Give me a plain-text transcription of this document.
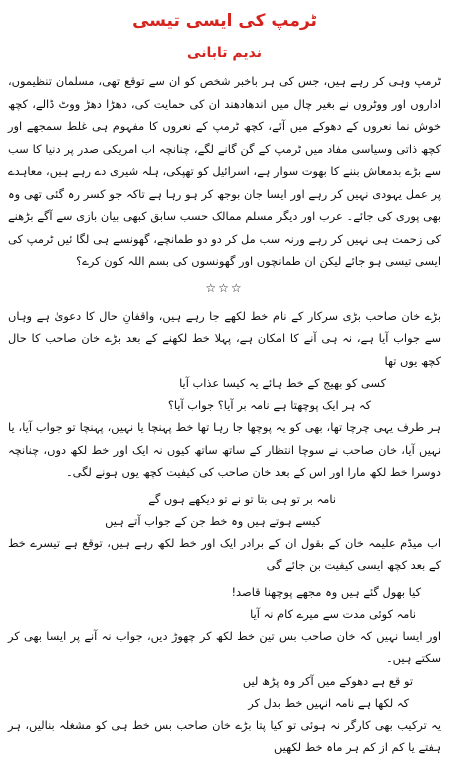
ٹرمپ کی ایسی تیسی
ندیم تابانی

ٹرمپ وہی کر رہے ہیں، جس کی ہر باخبر شخص کو ان سے توقع تھی، مسلمان تنظیموں، اداروں اور ووٹروں نے بغیر چال میں اندھادھند ان کی حمایت کی، دھڑا دھڑ ووٹ ڈالے، کچھ خوش نما نعروں کے دھوکے میں آئے، کچھ ٹرمپ کے نعروں کا مفہوم ہی غلط سمجھے اور کچھ ذاتی وسیاسی مفاد میں ٹرمپ کے گن گانے لگے، چنانچہ اب امریکی صدر پر دنیا کا سب سے بڑے بدمعاش بننے کا بھوت سوار ہے، اسرائیل کو تھپکی، ہلہ شیری دے رہے ہیں، معاہدے پر عمل یہودی نہیں کر رہے اور ایسا جان بوجھ کر ہو رہا ہے تاکہ جو کسر رہ گئی تھی وہ بھی پوری کی جائے۔ عرب اور دیگر مسلم ممالک حسب سابق کبھی بیان بازی سے آگے بڑھنے کی زحمت ہی نہیں کر رہے ورنہ سب مل کر دو دو طمانچے، گھونسے ہی لگا ئیں ٹرمپ کی ایسی تیسی ہو جائے لیکن ان طمانچوں اور گھونسوں کی بسم اللہ کون کرے؟

☆☆☆

بڑے خان صاحب بڑی سرکار کے نام خط لکھے جا رہے ہیں، واقفانِ حال کا دعویٰ ہے وہاں سے جواب آیا ہے، نہ ہی آنے کا امکان ہے، پہلا خط لکھنے کے بعد بڑے خان صاحب کا حال کچھ یوں تھا

کسی کو بھیج کے خط ہائے یہ کیسا عذاب آیا

کہ ہر ایک پوچھتا ہے نامہ بر آیا؟ جواب آیا؟

ہر طرف یہی چرچا تھا، بھی کو یہ پوچھا جا رہا تھا خط پہنچا یا نہیں، پہنچا تو جواب آیا، یا نہیں آیا، خان صاحب نے سوچا انتظار کے ساتھ ساتھ کیوں نہ ایک اور خط لکھ دوں، چنانچہ دوسرا خط لکھ مارا اور اس کے بعد خان صاحب کی کیفیت کچھ یوں ہونے لگی۔

نامہ بر تو ہی بتا تو نے تو دیکھے ہوں گے

کیسے ہوتے ہیں وہ خط جن کے جواب آتے ہیں

اب میڈم علیمہ خان کے بقول ان کے برادر ایک اور خط لکھ رہے ہیں، توقع ہے تیسرے خط کے بعد کچھ ایسی کیفیت بن جائے گی

کیا بھول گئے ہیں وہ مجھے پوچھنا قاصد!

نامہ کوئی مدت سے میرے کام نہ آیا

اور ایسا نہیں کہ خان صاحب بس تین خط لکھ کر چھوڑ دیں، جواب نہ آنے پر ایسا بھی کر سکتے ہیں۔

تو قع ہے دھوکے میں آکر وہ پڑھ لیں

کہ لکھا ہے نامہ انہیں خط بدل کر

یہ ترکیب بھی کارگر نہ ہوئی تو کیا پتا بڑے خان صاحب بس خط ہی کو مشغلہ بنالیں، ہر ہفتے یا کم از کم ہر ماہ خط لکھیں
